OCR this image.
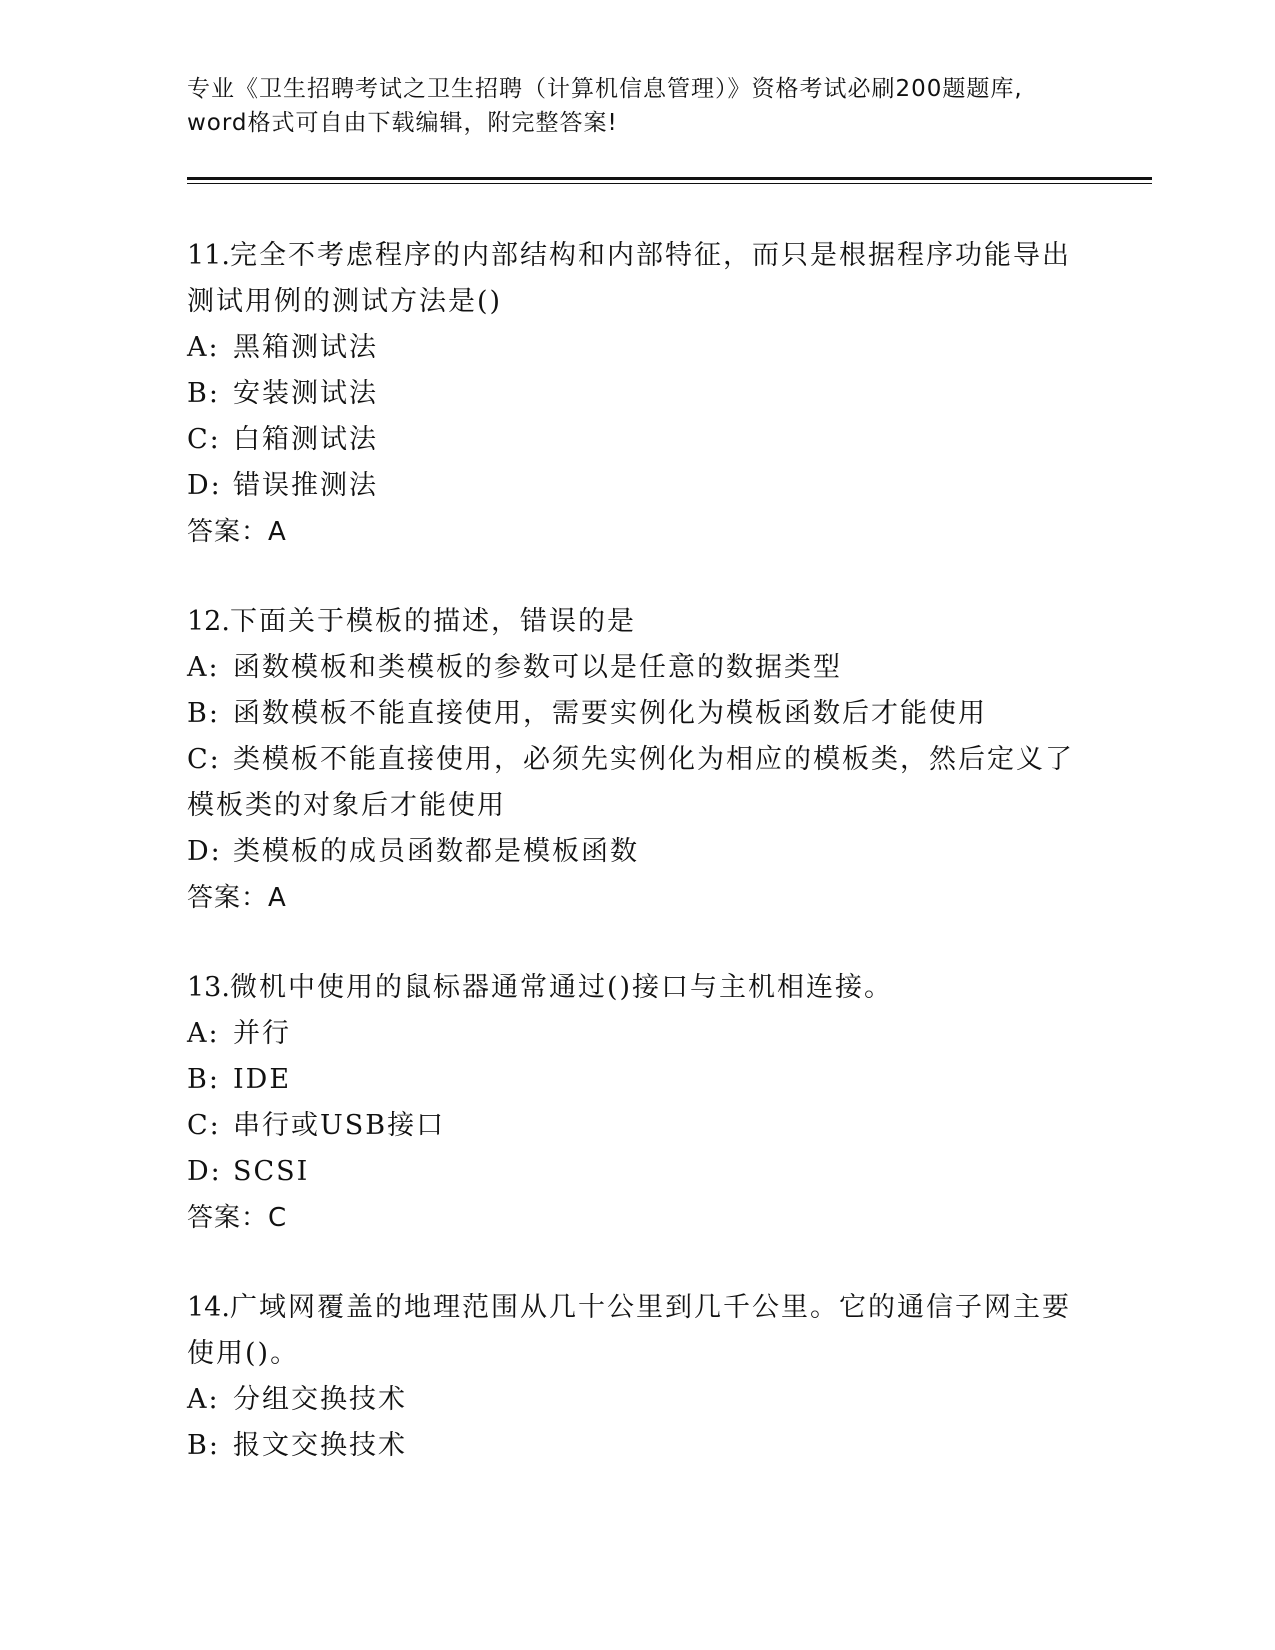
专业《卫生招聘考试之卫生招聘（计算机信息管理）》资格考试必刷200题题库,
word格式可自由下载编辑，附完整答案!
11.完全不考虑程序的内部结构和内部特征，而只是根据程序功能导出
测试用例的测试方法是()
A: 黑箱测试法
B: 安装测试法
C: 白箱测试法
D: 错误推测法
答案：A
12.下面关于模板的描述，错误的是
A: 函数模板和类模板的参数可以是任意的数据类型
B: 函数模板不能直接使用，需要实例化为模板函数后才能使用
C: 类模板不能直接使用，必须先实例化为相应的模板类，然后定义了
模板类的对象后才能使用
D: 类模板的成员函数都是模板函数
答案：A
13.微机中使用的鼠标器通常通过()接口与主机相连接。
A: 并行
B: IDE
C: 串行或USB接口
D: SCSI
答案：C
14.广域网覆盖的地理范围从几十公里到几千公里。它的通信子网主要
使用()。
A: 分组交换技术
B: 报文交换技术
